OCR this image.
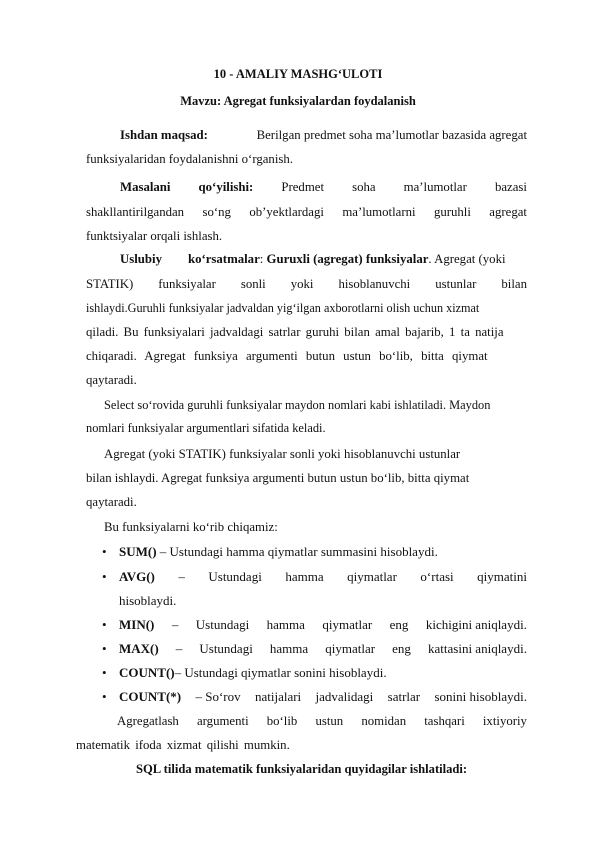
10 - AMALIY MASHG‘ULOTI
Mavzu: Agregat funksiyalardan foydalanish
Ishdan maqsad:	Berilgan predmet soha ma’lumotlar bazasida agregat
funksiyalaridan foydalanishni o‘rganish.
Masalani qo‘yilishi: Predmet soha ma’lumotlar bazasi
shakllantirilgandan so‘ng ob’yektlardagi ma’lumotlarni guruhli agregat
funktsiyalar orqali ishlash.
Uslubiy ko‘rsatmalar: Guruxli (agregat) funksiyalar. Agregat (yoki
STATIK) funksiyalar sonli yoki hisoblanuvchi ustunlar bilan
ishlaydi.Guruhli funksiyalar jadvaldan yig‘ilgan axborotlarni olish uchun xizmat
qiladi. Bu funksiyalari jadvaldagi satrlar guruhi bilan amal bajarib, 1 ta natija
chiqaradi. Agregat funksiya argumenti butun ustun bo‘lib, bitta qiymat
qaytaradi.
Select so‘rovida guruhli funksiyalar maydon nomlari kabi ishlatiladi. Maydon
nomlari funksiyalar argumentlari sifatida keladi.
Agregat (yoki STATIK) funksiyalar sonli yoki hisoblanuvchi ustunlar
bilan ishlaydi. Agregat funksiya argumenti butun ustun bo‘lib, bitta qiymat
qaytaradi.
Bu funksiyalarni ko‘rib chiqamiz:
• SUM() – Ustundagi hamma qiymatlar summasini hisoblaydi.
• AVG() – Ustundagi hamma qiymatlar o‘rtasi qiymatini
hisoblaydi.
• MIN() – Ustundagi hamma qiymatlar eng kichigini aniqlaydi.
• MAX() – Ustundagi hamma qiymatlar eng kattasini aniqlaydi.
• COUNT()– Ustundagi qiymatlar sonini hisoblaydi.
• COUNT(*) – So‘rov natijalari jadvalidagi satrlar sonini hisoblaydi.
Agregatlash argumenti bo‘lib ustun nomidan tashqari ixtiyoriy
matematik ifoda xizmat qilishi mumkin.
SQL tilida matematik funksiyalaridan quyidagilar ishlatiladi:
